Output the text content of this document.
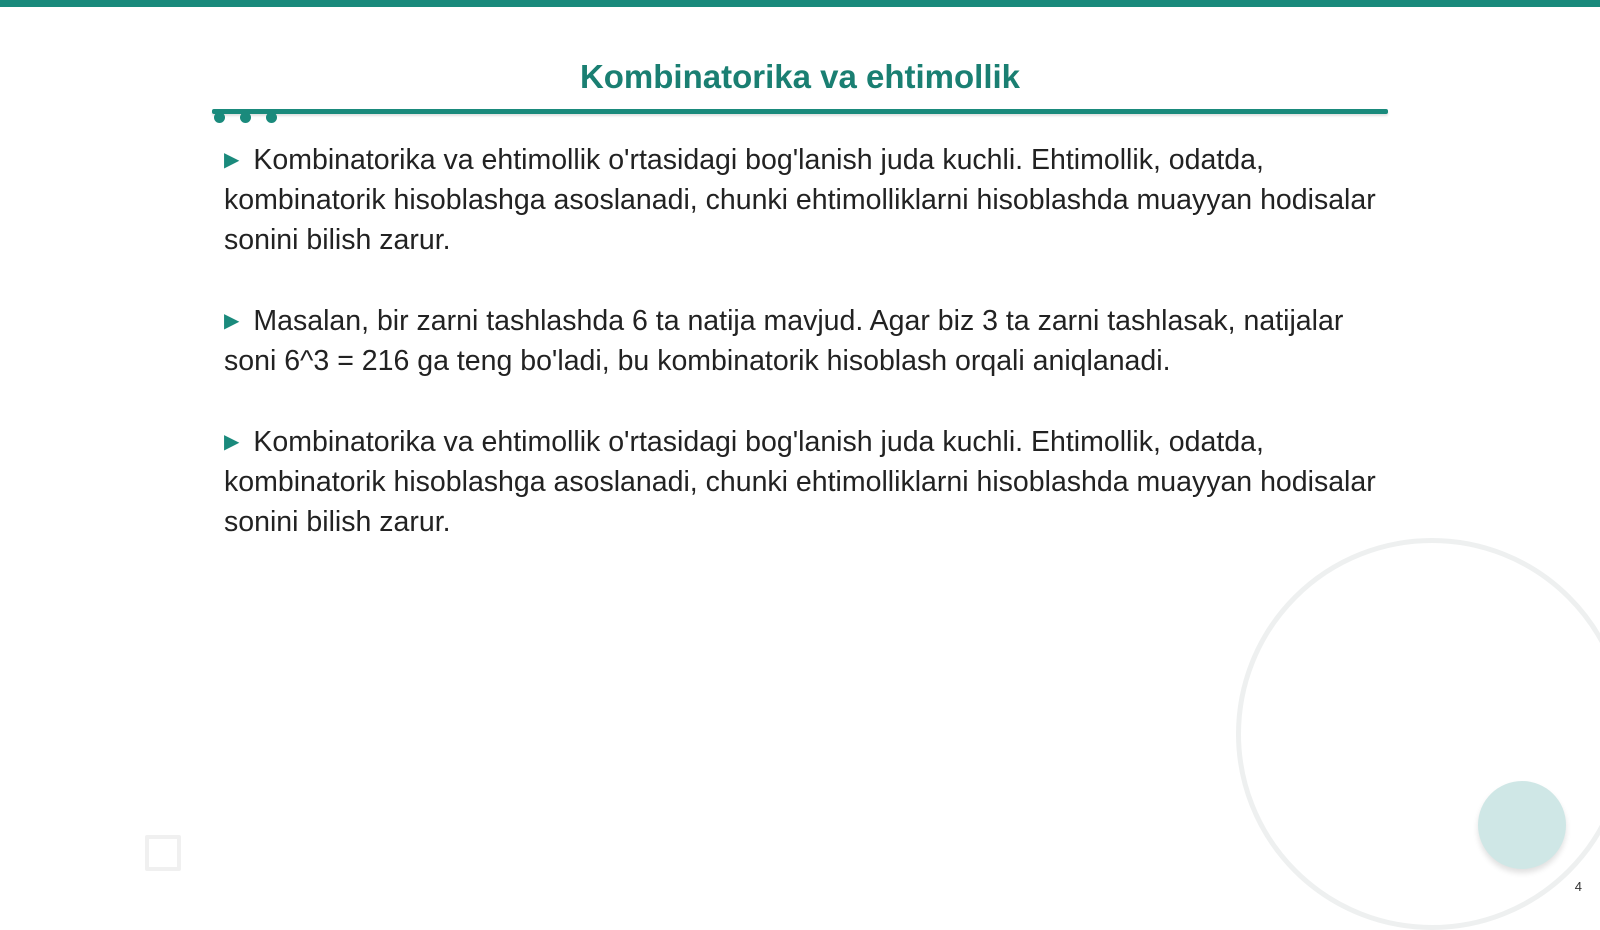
Kombinatorika va ehtimollik

▶ Kombinatorika va ehtimollik o'rtasidagi bog'lanish juda kuchli. Ehtimollik, odatda, kombinatorik hisoblashga asoslanadi, chunki ehtimolliklarni hisoblashda muayyan hodisalar sonini bilish zarur.

▶ Masalan, bir zarni tashlashda 6 ta natija mavjud. Agar biz 3 ta zarni tashlasak, natijalar soni 6^3 = 216 ga teng bo'ladi, bu kombinatorik hisoblash orqali aniqlanadi.

▶ Kombinatorika va ehtimollik o'rtasidagi bog'lanish juda kuchli. Ehtimollik, odatda, kombinatorik hisoblashga asoslanadi, chunki ehtimolliklarni hisoblashda muayyan hodisalar sonini bilish zarur.

4
